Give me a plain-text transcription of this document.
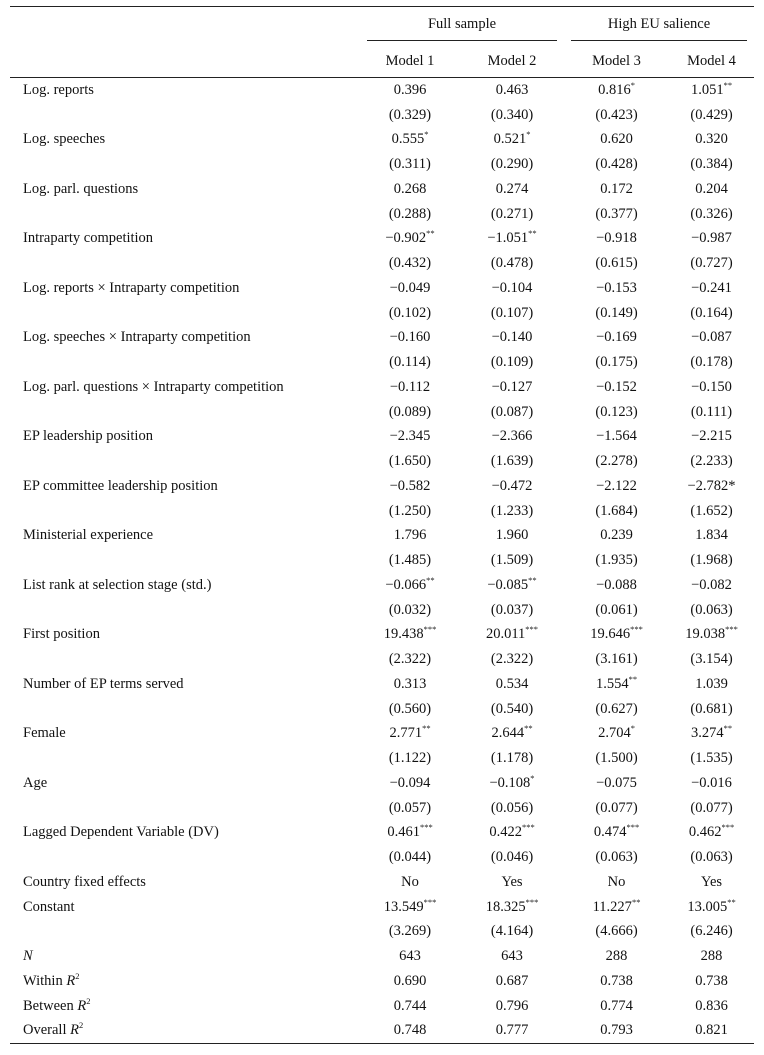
	Full sample		High EU salience	

	Model 1	Model 2	Model 3	Model 4
Log. reports	0.396	0.463	0.816*	1.051**
	(0.329)	(0.340)	(0.423)	(0.429)
Log. speeches	0.555*	0.521*	0.620	0.320
	(0.311)	(0.290)	(0.428)	(0.384)
Log. parl. questions	0.268	0.274	0.172	0.204
	(0.288)	(0.271)	(0.377)	(0.326)
Intraparty competition	−0.902**	−1.051**	−0.918	−0.987
	(0.432)	(0.478)	(0.615)	(0.727)
Log. reports × Intraparty competition	−0.049	−0.104	−0.153	−0.241
	(0.102)	(0.107)	(0.149)	(0.164)
Log. speeches × Intraparty competition	−0.160	−0.140	−0.169	−0.087
	(0.114)	(0.109)	(0.175)	(0.178)
Log. parl. questions × Intraparty competition	−0.112	−0.127	−0.152	−0.150
	(0.089)	(0.087)	(0.123)	(0.111)
EP leadership position	−2.345	−2.366	−1.564	−2.215
	(1.650)	(1.639)	(2.278)	(2.233)
EP committee leadership position	−0.582	−0.472	−2.122	−2.782*
	(1.250)	(1.233)	(1.684)	(1.652)
Ministerial experience	1.796	1.960	0.239	1.834
	(1.485)	(1.509)	(1.935)	(1.968)
List rank at selection stage (std.)	−0.066**	−0.085**	−0.088	−0.082
	(0.032)	(0.037)	(0.061)	(0.063)
First position	19.438***	20.011***	19.646***	19.038***
	(2.322)	(2.322)	(3.161)	(3.154)
Number of EP terms served	0.313	0.534	1.554**	1.039
	(0.560)	(0.540)	(0.627)	(0.681)
Female	2.771**	2.644**	2.704*	3.274**
	(1.122)	(1.178)	(1.500)	(1.535)
Age	−0.094	−0.108*	−0.075	−0.016
	(0.057)	(0.056)	(0.077)	(0.077)
Lagged Dependent Variable (DV)	0.461***	0.422***	0.474***	0.462***
	(0.044)	(0.046)	(0.063)	(0.063)
Country fixed effects	No	Yes	No	Yes
Constant	13.549***	18.325***	11.227**	13.005**
	(3.269)	(4.164)	(4.666)	(6.246)
N	643	643	288	288
Within $R^2$	0.690	0.687	0.738	0.738
Between $R^2$	0.744	0.796	0.774	0.836
Overall $R^2$	0.748	0.777	0.793	0.821
